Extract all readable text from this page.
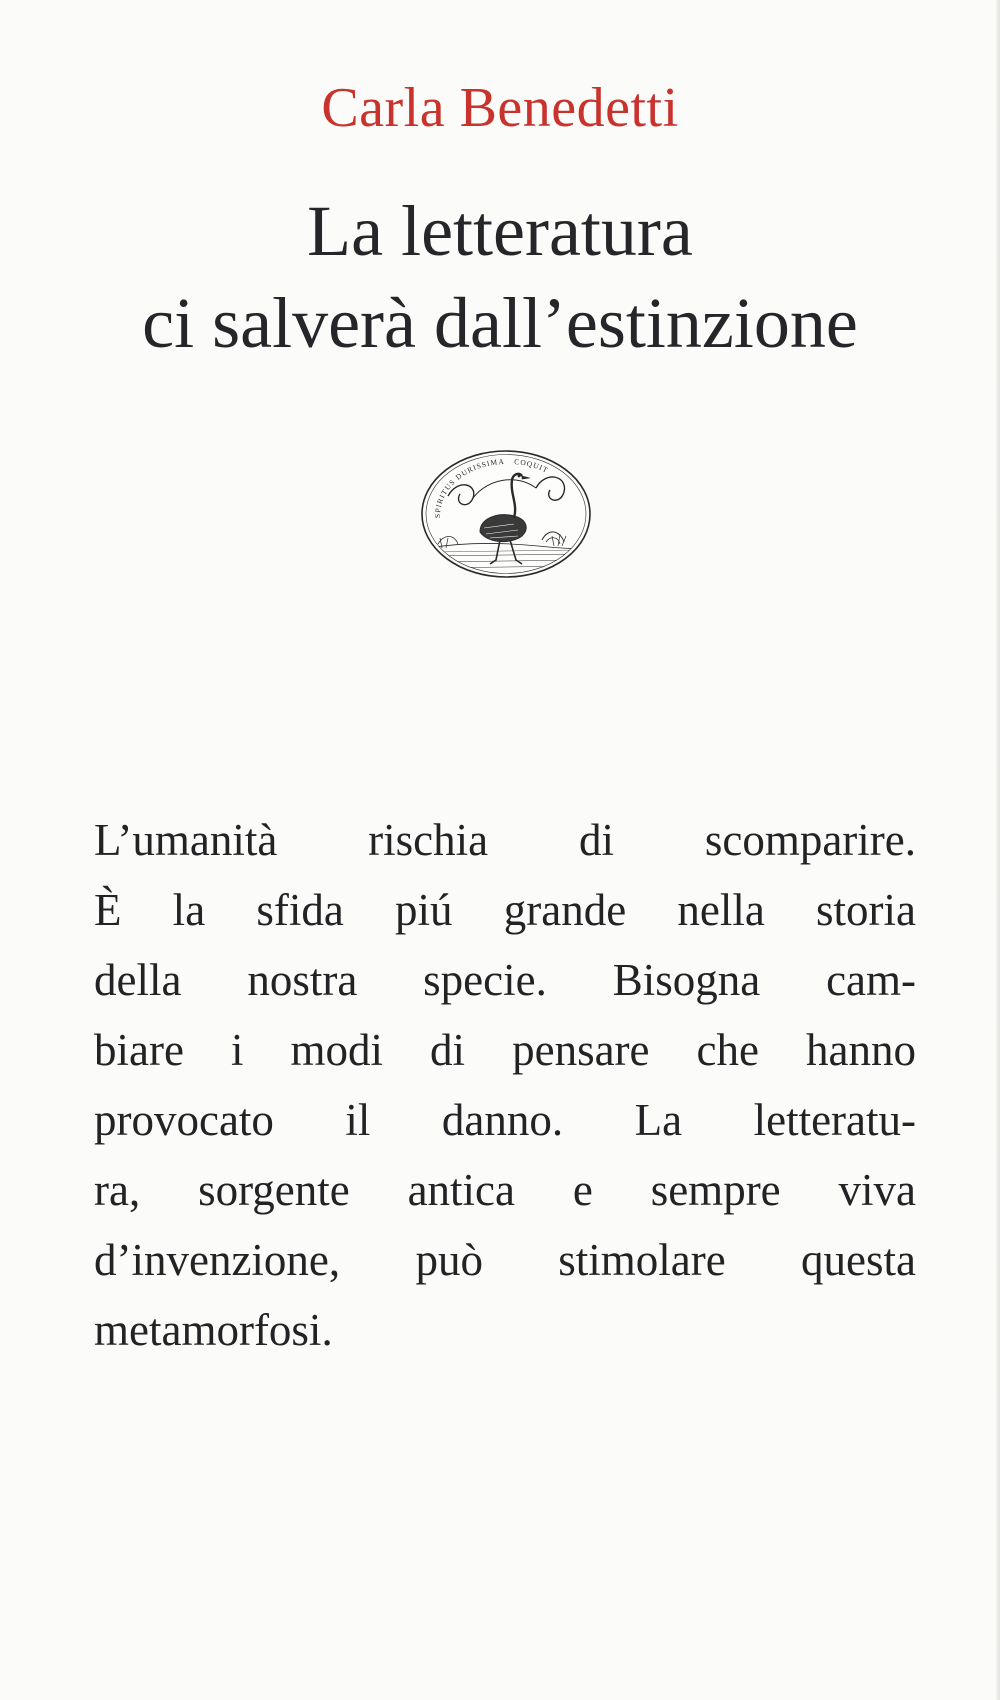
Carla Benedetti
La letteratura
ci salverà dall’estinzione
SPIRITUS DURISSIMA COQUIT
L’umanità rischia di scomparire.
È la sfida piú grande nella storia
della nostra specie. Bisogna cam-
biare i modi di pensare che hanno
provocato il danno. La letteratu-
ra, sorgente antica e sempre viva
d’invenzione, può stimolare questa
metamorfosi.
